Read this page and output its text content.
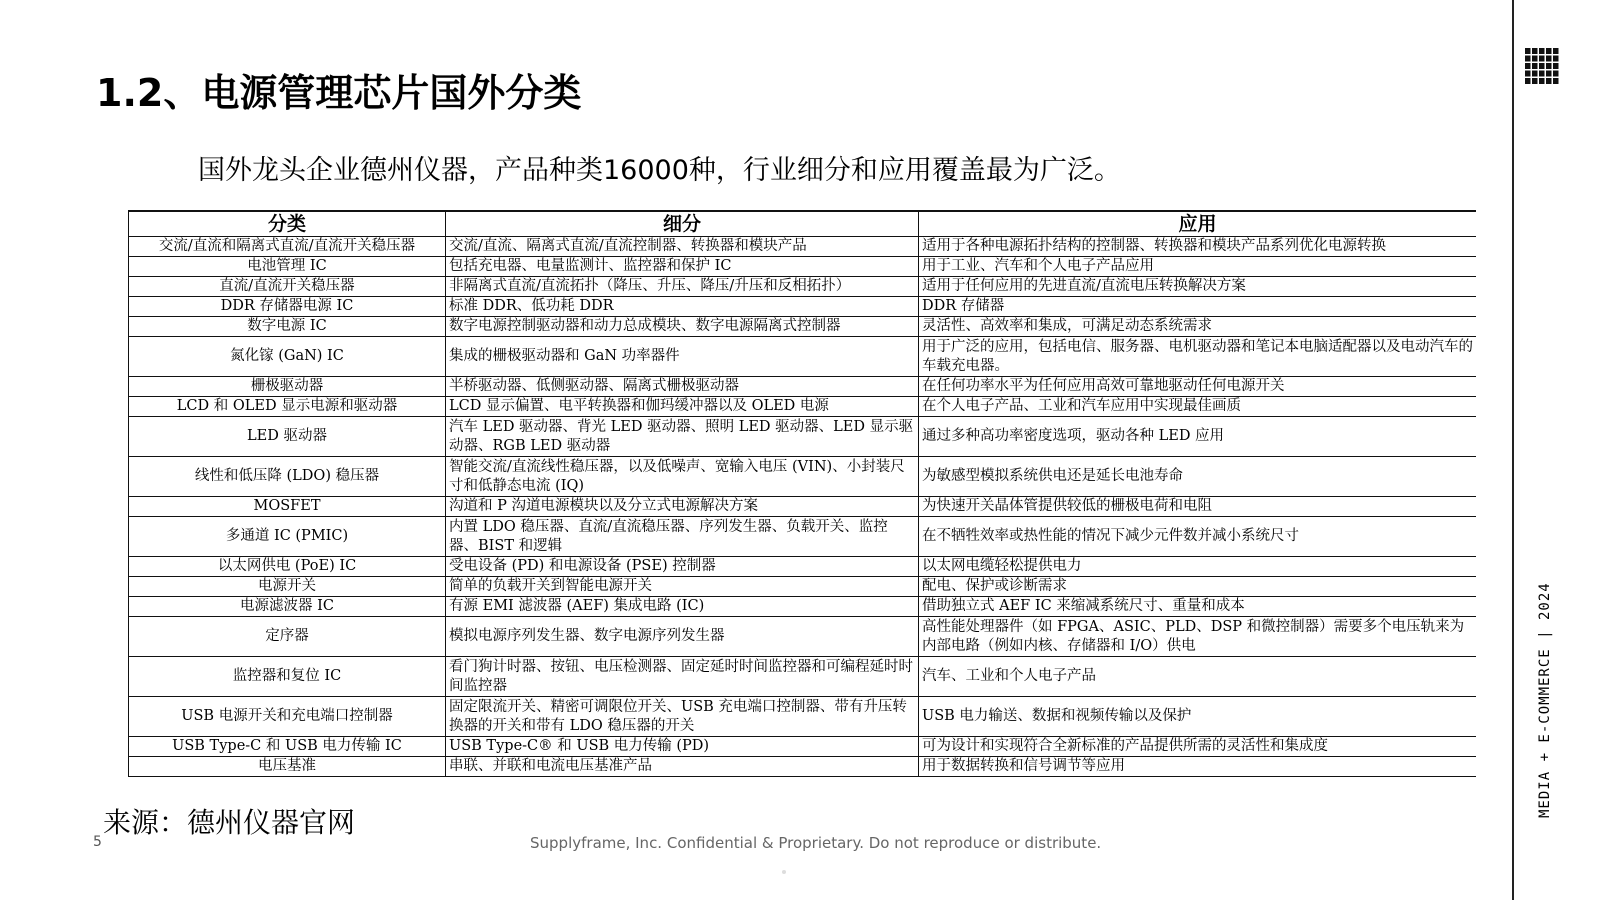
1.2、电源管理芯片国外分类
国外龙头企业德州仪器，产品种类16000种，行业细分和应用覆盖最为广泛。
MEDIA + E-COMMERCE | 2024
分类	细分	应用
交流/直流和隔离式直流/直流开关稳压器	交流/直流、隔离式直流/直流控制器、转换器和模块产品	适用于各种电源拓扑结构的控制器、转换器和模块产品系列优化电源转换
电池管理 IC	包括充电器、电量监测计、监控器和保护 IC	用于工业、汽车和个人电子产品应用
直流/直流开关稳压器	非隔离式直流/直流拓扑（降压、升压、降压/升压和反相拓扑）	适用于任何应用的先进直流/直流电压转换解决方案
DDR 存储器电源 IC	标准 DDR、低功耗 DDR	DDR 存储器
数字电源 IC	数字电源控制驱动器和动力总成模块、数字电源隔离式控制器	灵活性、高效率和集成，可满足动态系统需求
氮化镓 (GaN) IC	集成的栅极驱动器和 GaN 功率器件	用于广泛的应用，包括电信、服务器、电机驱动器和笔记本电脑适配器以及电动汽车的车载充电器。
栅极驱动器	半桥驱动器、低侧驱动器、隔离式栅极驱动器	在任何功率水平为任何应用高效可靠地驱动任何电源开关
LCD 和 OLED 显示电源和驱动器	LCD 显示偏置、电平转换器和伽玛缓冲器以及 OLED 电源	在个人电子产品、工业和汽车应用中实现最佳画质
LED 驱动器	汽车 LED 驱动器、背光 LED 驱动器、照明 LED 驱动器、LED 显示驱动器、RGB LED 驱动器	通过多种高功率密度选项，驱动各种 LED 应用
线性和低压降 (LDO) 稳压器	智能交流/直流线性稳压器，以及低噪声、宽输入电压 (VIN)、小封装尺寸和低静态电流 (IQ)	为敏感型模拟系统供电还是延长电池寿命
MOSFET	沟道和 P 沟道电源模块以及分立式电源解决方案	为快速开关晶体管提供较低的栅极电荷和电阻
多通道 IC (PMIC)	内置 LDO 稳压器、直流/直流稳压器、序列发生器、负载开关、监控器、BIST 和逻辑	在不牺牲效率或热性能的情况下减少元件数并减小系统尺寸
以太网供电 (PoE) IC	受电设备 (PD) 和电源设备 (PSE) 控制器	以太网电缆轻松提供电力
电源开关	简单的负载开关到智能电源开关	配电、保护或诊断需求
电源滤波器 IC	有源 EMI 滤波器 (AEF) 集成电路 (IC)	借助独立式 AEF IC 来缩减系统尺寸、重量和成本
定序器	模拟电源序列发生器、数字电源序列发生器	高性能处理器件（如 FPGA、ASIC、PLD、DSP 和微控制器）需要多个电压轨来为内部电路（例如内核、存储器和 I/O）供电
监控器和复位 IC	看门狗计时器、按钮、电压检测器、固定延时时间监控器和可编程延时时间监控器	汽车、工业和个人电子产品
USB 电源开关和充电端口控制器	固定限流开关、精密可调限位开关、USB 充电端口控制器、带有升压转换器的开关和带有 LDO 稳压器的开关	USB 电力输送、数据和视频传输以及保护
USB Type-C 和 USB 电力传输 IC	USB Type-C® 和 USB 电力传输 (PD)	可为设计和实现符合全新标准的产品提供所需的灵活性和集成度
电压基准	串联、并联和电流电压基准产品	用于数据转换和信号调节等应用
来源：德州仪器官网
5	Supplyframe, Inc. Confidential & Proprietary. Do not reproduce or distribute.
